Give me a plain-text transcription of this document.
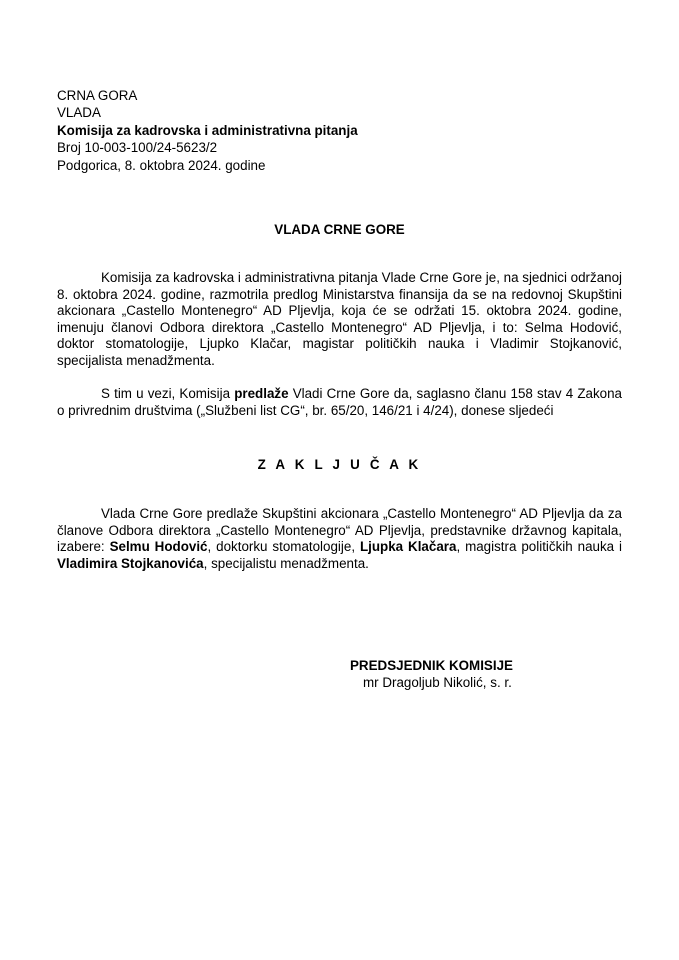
CRNA GORA
VLADA
Komisija za kadrovska i administrativna pitanja
Broj 10-003-100/24-5623/2
Podgorica, 8. oktobra 2024. godine
VLADA CRNE GORE

Komisija za kadrovska i administrativna pitanja Vlade Crne Gore je, na sjednici održanoj 8. oktobra 2024. godine, razmotrila predlog Ministarstva finansija da se na redovnoj Skupštini akcionara „Castello Montenegro“ AD Pljevlja, koja će se održati 15. oktobra 2024. godine, imenuju članovi Odbora direktora „Castello Montenegro“ AD Pljevlja, i to: Selma Hodović, doktor stomatologije, Ljupko Klačar, magistar političkih nauka i Vladimir Stojkanović, specijalista menadžmenta.

S tim u vezi, Komisija predlaže Vladi Crne Gore da, saglasno članu 158 stav 4 Zakona o privrednim društvima („Službeni list CG“, br. 65/20, 146/21 i 4/24), donese sljedeći

Z A K L J U Č A K

Vlada Crne Gore predlaže Skupštini akcionara „Castello Montenegro“ AD Pljevlja da za članove Odbora direktora „Castello Montenegro“ AD Pljevlja, predstavnike državnog kapitala, izabere: Selmu Hodović, doktorku stomatologije, Ljupka Klačara, magistra političkih nauka i Vladimira Stojkanovića, specijalistu menadžmenta.

PREDSJEDNIK KOMISIJE
mr Dragoljub Nikolić, s. r.
